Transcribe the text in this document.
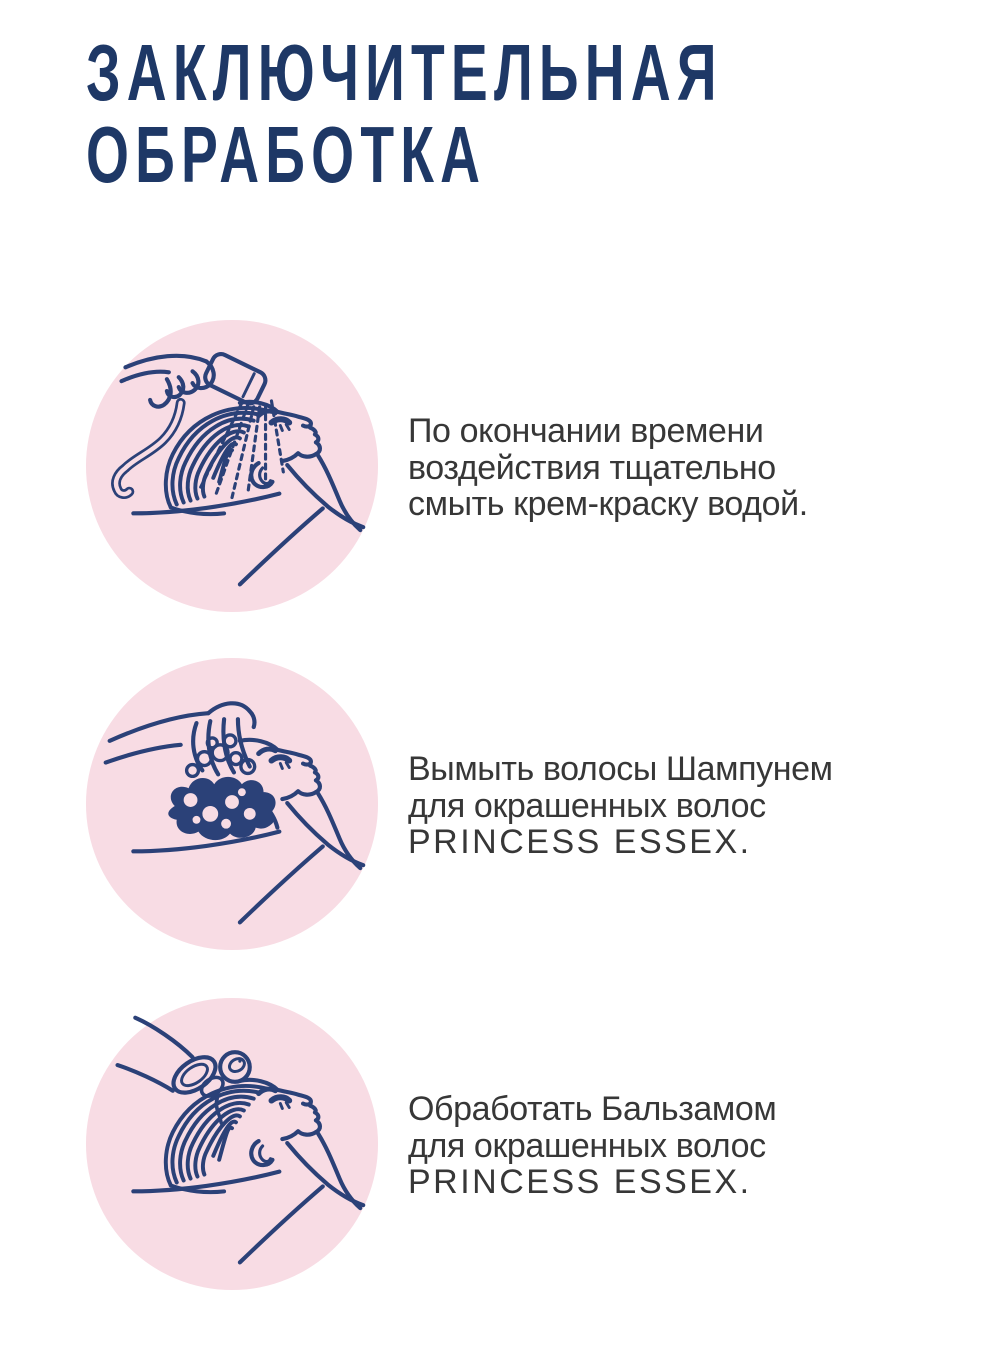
ЗАКЛЮЧИТЕЛЬНАЯ
ОБРАБОТКА
По окончании времени
воздействия тщательно
смыть крем-краску водой.
Вымыть волосы Шампунем
для окрашенных волос
PRINCESS ESSEX.
Обработать Бальзамом
для окрашенных волос
PRINCESS ESSEX.
